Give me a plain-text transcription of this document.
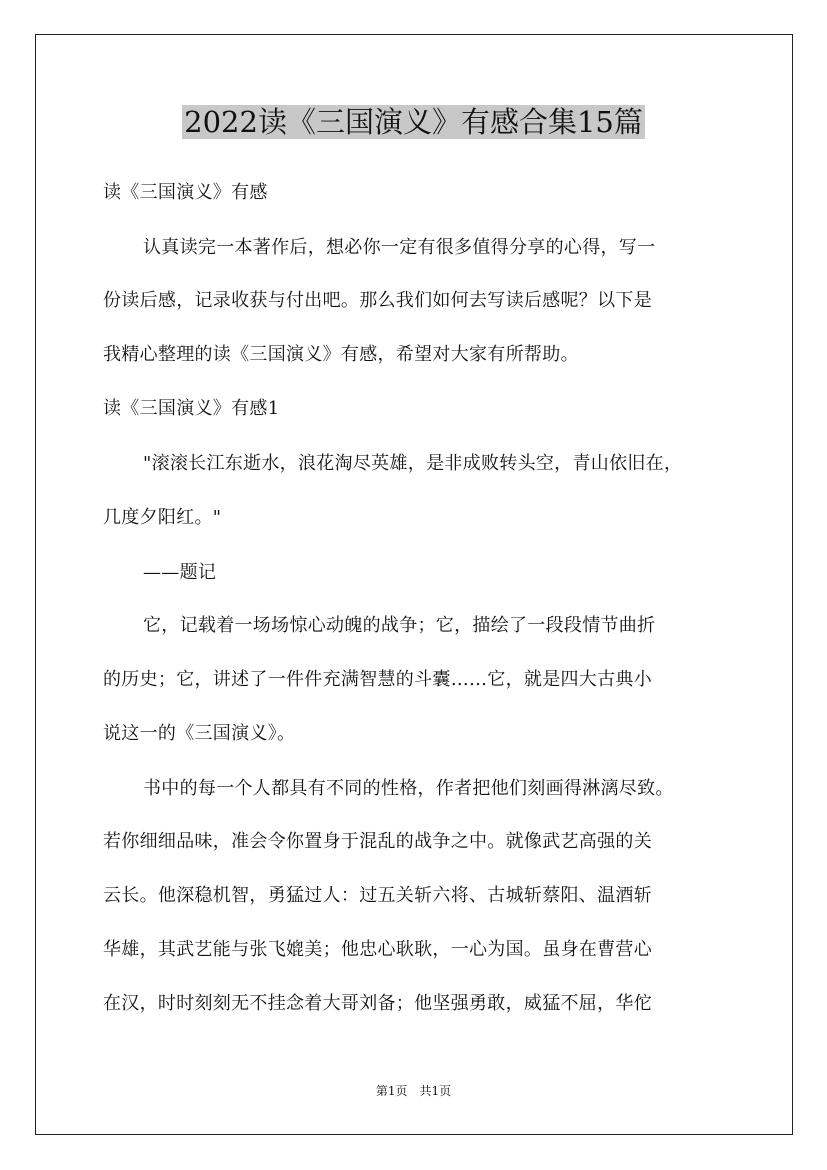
2022读《三国演义》有感合集15篇
读《三国演义》有感
认真读完一本著作后，想必你一定有很多值得分享的心得，写一
份读后感，记录收获与付出吧。那么我们如何去写读后感呢？以下是
我精心整理的读《三国演义》有感，希望对大家有所帮助。
读《三国演义》有感1
"滚滚长江东逝水，浪花淘尽英雄，是非成败转头空，青山依旧在，
几度夕阳红。"
——题记
它，记载着一场场惊心动魄的战争；它，描绘了一段段情节曲折
的历史；它，讲述了一件件充满智慧的斗囊……它，就是四大古典小
说这一的《三国演义》。
书中的每一个人都具有不同的性格，作者把他们刻画得淋漓尽致。
若你细细品味，准会令你置身于混乱的战争之中。就像武艺高强的关
云长。他深稳机智，勇猛过人：过五关斩六将、古城斩蔡阳、温酒斩
华雄，其武艺能与张飞媲美；他忠心耿耿，一心为国。虽身在曹营心
在汉，时时刻刻无不挂念着大哥刘备；他坚强勇敢，威猛不屈，华佗
第1页　共1页
